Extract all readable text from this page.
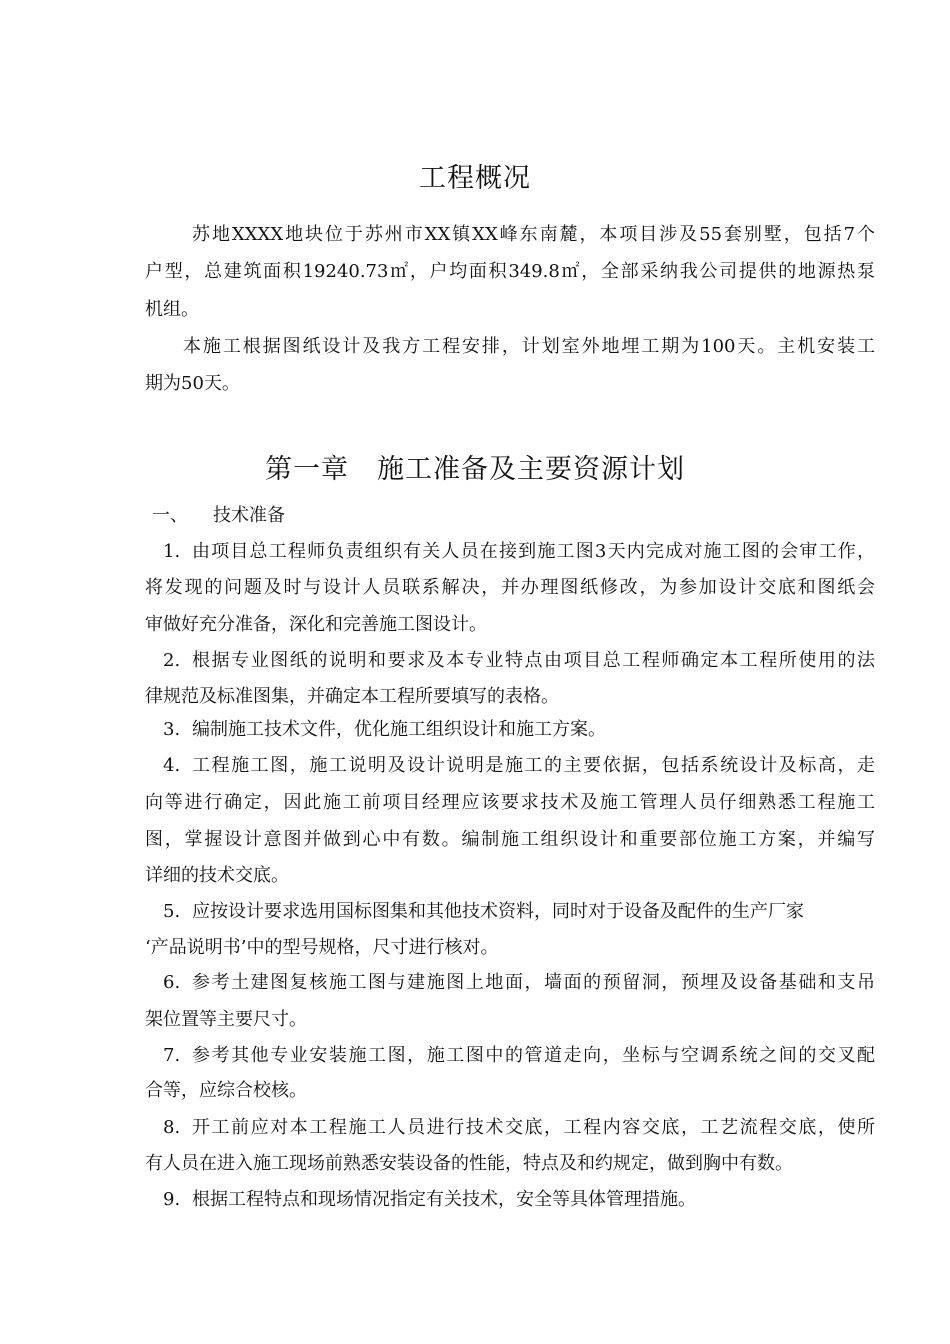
工程概况
苏地XXXX地块位于苏州市XX镇XX峰东南麓，本项目涉及55套别墅，包括7个
户型，总建筑面积19240.73㎡，户均面积349.8㎡，全部采纳我公司提供的地源热泵
机组。
本施工根据图纸设计及我方工程安排，计划室外地埋工期为100天。主机安装工
期为50天。
第一章　施工准备及主要资源计划
一、	技术准备
1. 由项目总工程师负责组织有关人员在接到施工图3天内完成对施工图的会审工作，
将发现的问题及时与设计人员联系解决，并办理图纸修改，为参加设计交底和图纸会
审做好充分准备，深化和完善施工图设计。
2. 根据专业图纸的说明和要求及本专业特点由项目总工程师确定本工程所使用的法
律规范及标准图集，并确定本工程所要填写的表格。
3. 编制施工技术文件，优化施工组织设计和施工方案。
4. 工程施工图，施工说明及设计说明是施工的主要依据，包括系统设计及标高，走
向等进行确定，因此施工前项目经理应该要求技术及施工管理人员仔细熟悉工程施工
图，掌握设计意图并做到心中有数。编制施工组织设计和重要部位施工方案，并编写
详细的技术交底。
5. 应按设计要求选用国标图集和其他技术资料，同时对于设备及配件的生产厂家
‘产品说明书’中的型号规格，尺寸进行核对。
6. 参考土建图复核施工图与建施图上地面，墙面的预留洞，预埋及设备基础和支吊
架位置等主要尺寸。
7. 参考其他专业安装施工图，施工图中的管道走向，坐标与空调系统之间的交叉配
合等，应综合校核。
8. 开工前应对本工程施工人员进行技术交底，工程内容交底，工艺流程交底，使所
有人员在进入施工现场前熟悉安装设备的性能，特点及和约规定，做到胸中有数。
9. 根据工程特点和现场情况指定有关技术，安全等具体管理措施。
